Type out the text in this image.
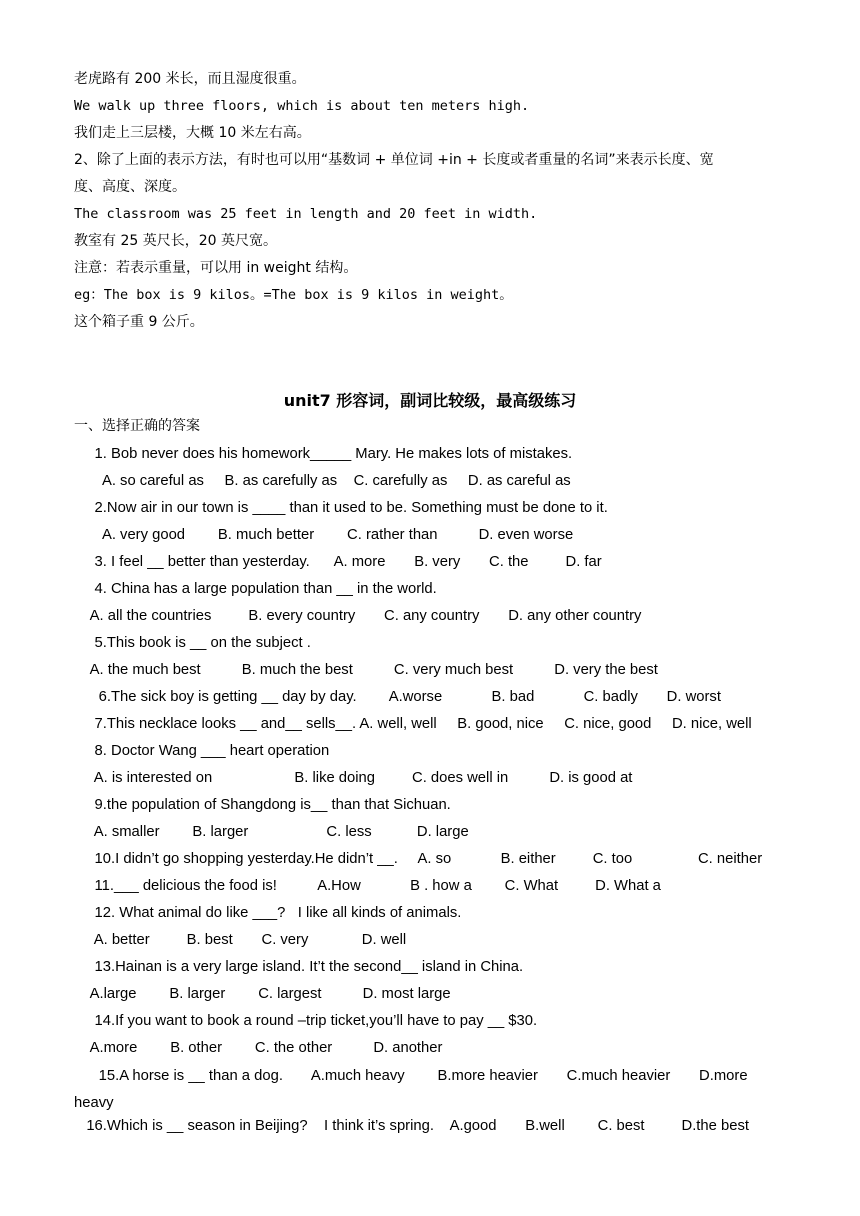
老虎路有 200 米长，而且湿度很重。
We walk up three floors, which is about ten meters high.
我们走上三层楼，大概 10 米左右高。
2、除了上面的表示方法，有时也可以用“基数词 + 单位词 +in + 长度或者重量的名词”来表示长度、宽
度、高度、深度。
The classroom was 25 feet in length and 20 feet in width.
教室有 25 英尺长，20 英尺宽。
注意：若表示重量，可以用 in weight 结构。
eg：The box is 9 kilos。=The box is 9 kilos in weight。
这个箱子重 9 公斤。
unit7 形容词，副词比较级，最高级练习
一、选择正确的答案
1. Bob never does his homework_____ Mary. He makes lots of mistakes.
A. so careful as     B. as carefully as    C. carefully as     D. as careful as
2.Now air in our town is ____ than it used to be. Something must be done to it.
A. very good        B. much better        C. rather than          D. even worse
3. I feel __ better than yesterday.      A. more       B. very       C. the         D. far
4. China has a large population than __ in the world.
A. all the countries         B. every country       C. any country       D. any other country
5.This book is __ on the subject .
A. the much best          B. much the best          C. very much best          D. very the best
6.The sick boy is getting __ day by day.        A.worse            B. bad            C. badly       D. worst
7.This necklace looks __ and__ sells__. A. well, well     B. good, nice     C. nice, good     D. nice, well
8. Doctor Wang ___ heart operation
A. is interested on                    B. like doing         C. does well in          D. is good at
9.the population of Shangdong is__ than that Sichuan.
A. smaller        B. larger                   C. less           D. large
10.I didn’t go shopping yesterday.He didn’t __.     A. so            B. either         C. too                C. neither
11.___ delicious the food is!          A.How            B . how a        C. What         D. What a
12. What animal do like ___?   I like all kinds of animals.
A. better         B. best       C. very             D. well
13.Hainan is a very large island. It’t the second__ island in China.
A.large        B. larger        C. largest          D. most large
14.If you want to book a round –trip ticket,you’ll have to pay __ $30.
A.more        B. other        C. the other          D. another
15.A horse is __ than a dog.       A.much heavy        B.more heavier       C.much heavier       D.more
heavy
16.Which is __ season in Beijing?    I think it’s spring.    A.good       B.well        C. best         D.the best
